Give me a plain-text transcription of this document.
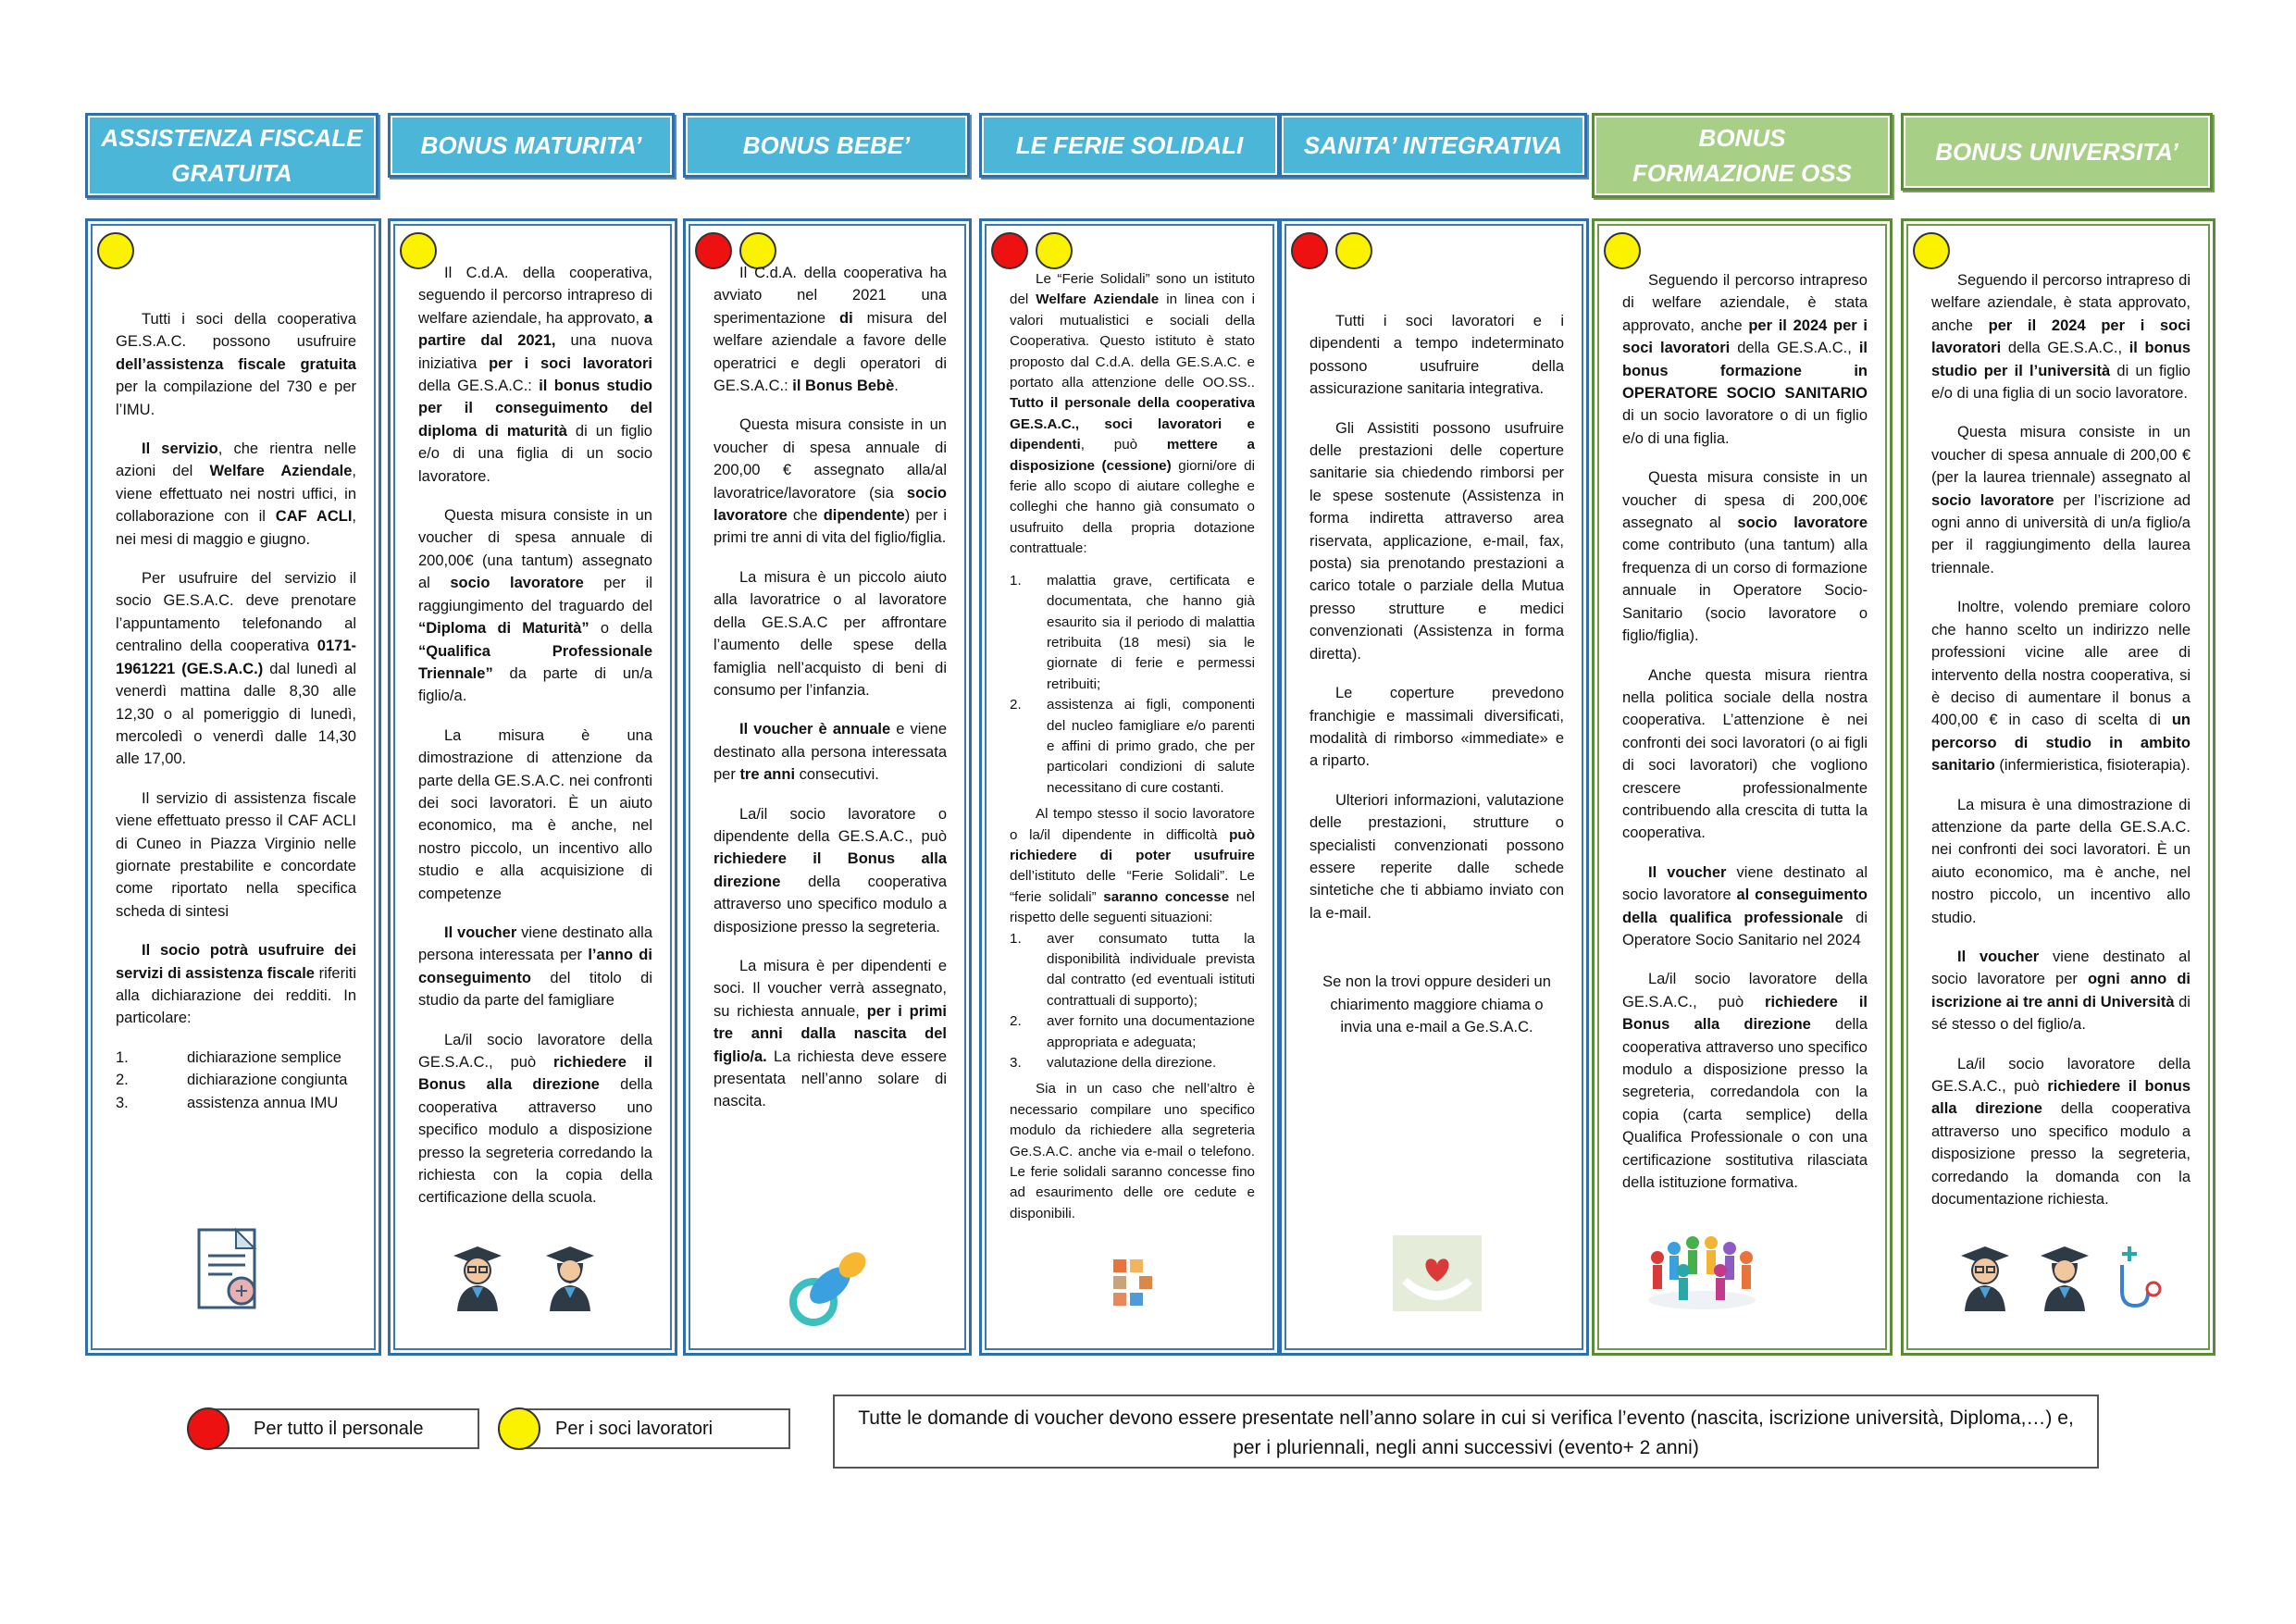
ASSISTENZA FISCALE
GRATUITA
BONUS MATURITA’	BONUS BEBE’	LE FERIE SOLIDALI	SANITA’ INTEGRATIVA	BONUS
FORMAZIONE OSS
BONUS UNIVERSITA’

Tutti i soci della cooperativa GE.S.A.C. possono usufruire dell’assistenza fiscale gratuita per la compilazione del 730 e per l’IMU.

Il servizio, che rientra nelle azioni del Welfare Aziendale, viene effettuato nei nostri uffici, in collaborazione con il CAF ACLI, nei mesi di maggio e giugno.

Per usufruire del servizio il socio GE.S.A.C. deve prenotare l’appuntamento telefonando al centralino della cooperativa 0171-1961221 (GE.S.A.C.) dal lunedì al venerdì mattina dalle 8,30 alle 12,30 o al pomeriggio di lunedì, mercoledì o venerdì dalle 14,30 alle 17,00.

Il servizio di assistenza fiscale viene effettuato presso il CAF ACLI di Cuneo in Piazza Virginio nelle giornate prestabilite e concordate come riportato nella specifica scheda di sintesi

Il socio potrà usufruire dei servizi di assistenza fiscale riferiti alla dichiarazione dei redditi. In particolare:

1.	dichiarazione semplice
2.	dichiarazione congiunta
3.	assistenza annua IMU

Il C.d.A. della cooperativa, seguendo il percorso intrapreso di welfare aziendale, ha approvato, a partire dal 2021, una nuova iniziativa per i soci lavoratori della GE.S.A.C.: il bonus studio per il conseguimento del diploma di maturità di un figlio e/o di una figlia di un socio lavoratore.

Questa misura consiste in un voucher di spesa annuale di 200,00€ (una tantum) assegnato al socio lavoratore per il raggiungimento del traguardo del “Diploma di Maturità” o della “Qualifica Professionale Triennale” da parte di un/a figlio/a.

La misura è una dimostrazione di attenzione da parte della GE.S.A.C. nei confronti dei soci lavoratori. È un aiuto economico, ma è anche, nel nostro piccolo, un incentivo allo studio e alla acquisizione di competenze

Il voucher viene destinato alla persona interessata per l’anno di conseguimento del titolo di studio da parte del famigliare

La/il socio lavoratore della GE.S.A.C., può richiedere il Bonus alla direzione della cooperativa attraverso uno specifico modulo a disposizione presso la segreteria corredando la richiesta con la copia della certificazione della scuola.

Il C.d.A. della cooperativa ha avviato nel 2021 una sperimentazione di misura del welfare aziendale a favore delle operatrici e degli operatori di GE.S.A.C.: il Bonus Bebè.

Questa misura consiste in un voucher di spesa annuale di 200,00 € assegnato alla/al lavoratrice/lavoratore (sia socio lavoratore che dipendente) per i primi tre anni di vita del figlio/figlia.

La misura è un piccolo aiuto alla lavoratrice o al lavoratore della GE.S.A.C per affrontare l’aumento delle spese della famiglia nell’acquisto di beni di consumo per l’infanzia.

Il voucher è annuale e viene destinato alla persona interessata per tre anni consecutivi.

La/il socio lavoratore o dipendente della GE.S.A.C., può richiedere il Bonus alla direzione della cooperativa attraverso uno specifico modulo a disposizione presso la segreteria.

La misura è per dipendenti e soci. Il voucher verrà assegnato, su richiesta annuale, per i primi tre anni dalla nascita del figlio/a. La richiesta deve essere presentata nell’anno solare di nascita.

Le “Ferie Solidali” sono un istituto del Welfare Aziendale in linea con i valori mutualistici e sociali della Cooperativa. Questo istituto è stato proposto dal C.d.A. della GE.S.A.C. e portato alla attenzione delle OO.SS.. Tutto il personale della cooperativa GE.S.A.C., soci lavoratori e dipendenti, può mettere a disposizione (cessione) giorni/ore di ferie allo scopo di aiutare colleghe e colleghi che hanno già consumato o usufruito della propria dotazione contrattuale:

1.	malattia grave, certificata e documentata, che hanno già esaurito sia il periodo di malattia retribuita (18 mesi) sia le giornate di ferie e permessi retribuiti;
2.	assistenza ai figli, componenti del nucleo famigliare e/o parenti e affini di primo grado, che per particolari condizioni di salute necessitano di cure costanti.

Al tempo stesso il socio lavoratore o la/il dipendente in difficoltà può richiedere di poter usufruire dell’istituto delle “Ferie Solidali”. Le “ferie solidali” saranno concesse nel rispetto delle seguenti situazioni:

1.	aver consumato tutta la disponibilità individuale prevista dal contratto (ed eventuali istituti contrattuali di supporto);
2.	aver fornito una documentazione appropriata e adeguata;
3.	valutazione della direzione.

Sia in un caso che nell’altro è necessario compilare uno specifico modulo da richiedere alla segreteria Ge.S.A.C. anche via e-mail o telefono. Le ferie solidali saranno concesse fino ad esaurimento delle ore cedute e disponibili.

Tutti i soci lavoratori e i dipendenti a tempo indeterminato possono usufruire della assicurazione sanitaria integrativa.

Gli Assistiti possono usufruire delle prestazioni delle coperture sanitarie sia chiedendo rimborsi per le spese sostenute (Assistenza in forma indiretta attraverso area riservata, applicazione, e-mail, fax, posta) sia prenotando prestazioni a carico totale o parziale della Mutua presso strutture e medici convenzionati (Assistenza in forma diretta).

Le coperture prevedono franchigie e massimali diversificati, modalità di rimborso «immediate» e a riparto.

Ulteriori informazioni, valutazione delle prestazioni, strutture o specialisti convenzionati possono essere reperite dalle schede sintetiche che ti abbiamo inviato con la e-mail.

Se non la trovi oppure desideri un chiarimento maggiore chiama o invia una e-mail a Ge.S.A.C.

Seguendo il percorso intrapreso di welfare aziendale, è stata approvato, anche per il 2024 per i soci lavoratori della GE.S.A.C., il bonus formazione in OPERATORE SOCIO SANITARIO di un socio lavoratore o di un figlio e/o di una figlia.

Questa misura consiste in un voucher di spesa di 200,00€ assegnato al socio lavoratore come contributo (una tantum) alla frequenza di un corso di formazione annuale in Operatore Socio-Sanitario (socio lavoratore o figlio/figlia).

Anche questa misura rientra nella politica sociale della nostra cooperativa. L’attenzione è nei confronti dei soci lavoratori (o ai figli di soci lavoratori) che vogliono crescere professionalmente contribuendo alla crescita di tutta la cooperativa.

Il voucher viene destinato al socio lavoratore al conseguimento della qualifica professionale di Operatore Socio Sanitario nel 2024

La/il socio lavoratore della GE.S.A.C., può richiedere il Bonus alla direzione della cooperativa attraverso uno specifico modulo a disposizione presso la segreteria, corredandola con la copia (carta semplice) della Qualifica Professionale o con una certificazione sostitutiva rilasciata della istituzione formativa.

Seguendo il percorso intrapreso di welfare aziendale, è stata approvato, anche per il 2024 per i soci lavoratori della GE.S.A.C., il bonus studio per il l’università di un figlio e/o di una figlia di un socio lavoratore.

Questa misura consiste in un voucher di spesa annuale di 200,00 € (per la laurea triennale) assegnato al socio lavoratore per l’iscrizione ad ogni anno di università di un/a figlio/a per il raggiungimento della laurea triennale.

Inoltre, volendo premiare coloro che hanno scelto un indirizzo nelle professioni vicine alle aree di intervento della nostra cooperativa, si è deciso di aumentare il bonus a 400,00 € in caso di scelta di un percorso di studio in ambito sanitario (infermieristica, fisioterapia).

La misura è una dimostrazione di attenzione da parte della GE.S.A.C. nei confronti dei soci lavoratori. È un aiuto economico, ma è anche, nel nostro piccolo, un incentivo allo studio.

Il voucher viene destinato al socio lavoratore per ogni anno di iscrizione ai tre anni di Università di sé stesso o del figlio/a.

La/il socio lavoratore della GE.S.A.C., può richiedere il bonus alla direzione della cooperativa attraverso uno specifico modulo a disposizione presso la segreteria, corredando la domanda con la documentazione richiesta.

Per tutto il personale	Per i soci lavoratori	Tutte le domande di voucher devono essere presentate nell’anno solare in cui si verifica l’evento (nascita, iscrizione università, Diploma,…) e,
per i pluriennali, negli anni successivi (evento+ 2 anni)
